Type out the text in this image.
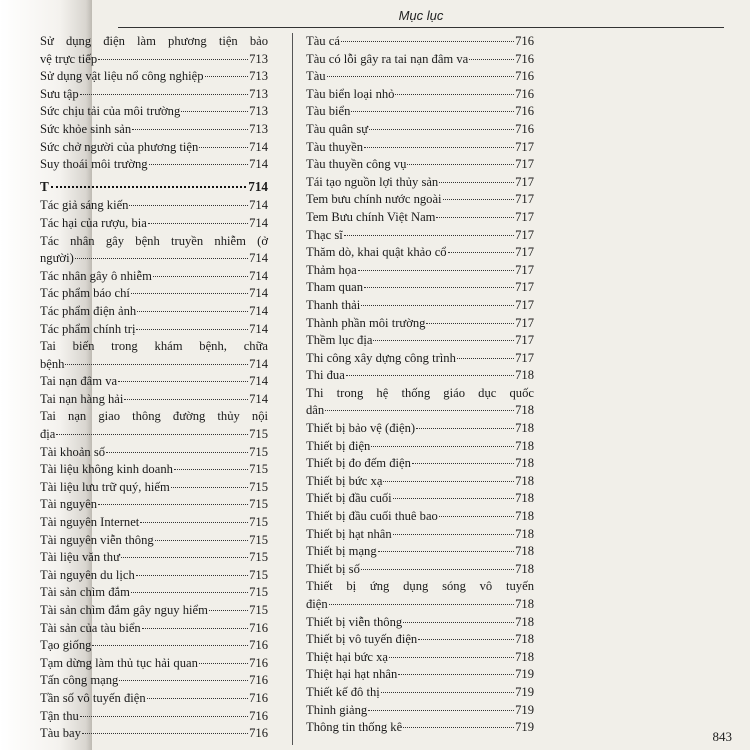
Mục lục
Sử dụng điện làm phương tiện bảo
vệ trực tiếp	713
Sử dụng vật liệu nổ công nghiệp	713
Sưu tập	713
Sức chịu tải của môi trường	713
Sức khỏe sinh sản	713
Sức chở người của phương tiện	714
Suy thoái môi trường	714
T	714
Tác giả sáng kiến	714
Tác hại của rượu, bia	714
Tác nhân gây bệnh truyền nhiễm (ở
người)	714
Tác nhân gây ô nhiễm	714
Tác phẩm báo chí	714
Tác phẩm điện ảnh	714
Tác phẩm chính trị	714
Tai biến trong khám bệnh, chữa
bệnh	714
Tai nạn đâm va	714
Tai nạn hàng hải	714
Tai nạn giao thông đường thủy nội
địa	715
Tài khoản số	715
Tài liệu không kinh doanh	715
Tài liệu lưu trữ quý, hiếm	715
Tài nguyên	715
Tài nguyên Internet	715
Tài nguyên viễn thông	715
Tài liệu văn thư	715
Tài nguyên du lịch	715
Tài sản chìm đắm	715
Tài sản chìm đắm gây nguy hiểm	715
Tài sản của tàu biển	716
Tạo giống	716
Tạm dừng làm thủ tục hải quan	716
Tấn công mạng	716
Tần số vô tuyến điện	716
Tận thu	716
Tàu bay	716
Tàu cá	716
Tàu có lỗi gây ra tai nạn đâm va	716
Tàu	716
Tàu biển loại nhỏ	716
Tàu biển	716
Tàu quân sự	716
Tàu thuyền	717
Tàu thuyền công vụ	717
Tái tạo nguồn lợi thủy sản	717
Tem bưu chính nước ngoài	717
Tem Bưu chính Việt Nam	717
Thạc sĩ	717
Thăm dò, khai quật khảo cổ	717
Thảm họa	717
Tham quan	717
Thanh thải	717
Thành phần môi trường	717
Thềm lục địa	717
Thi công xây dựng công trình	717
Thi đua	718
Thi trong hệ thống giáo dục quốc
dân	718
Thiết bị bảo vệ (điện)	718
Thiết bị điện	718
Thiết bị đo đếm điện	718
Thiết bị bức xạ	718
Thiết bị đầu cuối	718
Thiết bị đầu cuối thuê bao	718
Thiết bị hạt nhân	718
Thiết bị mạng	718
Thiết bị số	718
Thiết bị ứng dụng sóng vô tuyến
điện	718
Thiết bị viễn thông	718
Thiết bị vô tuyến điện	718
Thiệt hại bức xạ	718
Thiệt hại hạt nhân	719
Thiết kế đô thị	719
Thỉnh giảng	719
Thông tin thống kê	719
843
